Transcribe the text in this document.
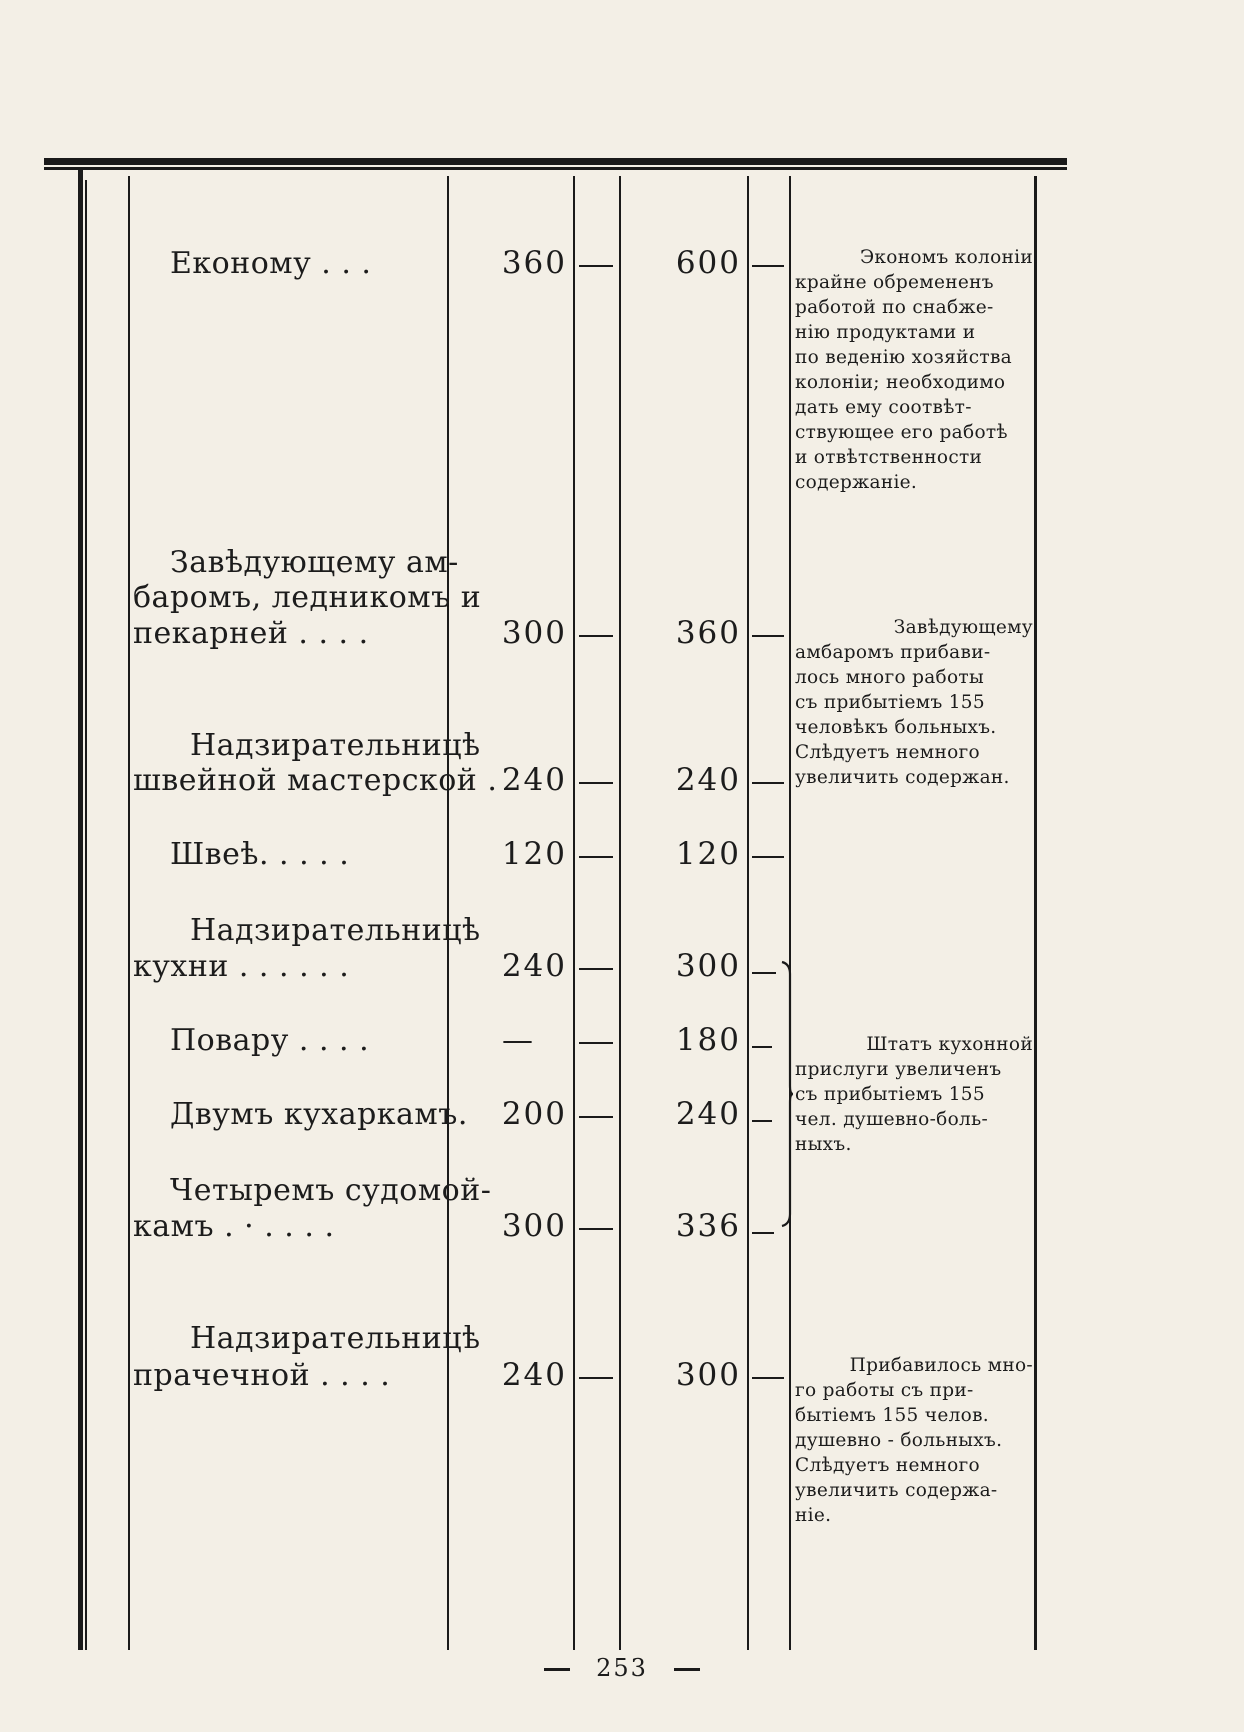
Економу . . .	360	600
Завѣдующему ам-
баромъ, ледникомъ и
пекарней . . . .	300	360
Надзирательницѣ
швейной мастерской . 240	240
Швеѣ. . . . .	120	120
Надзирательницѣ
кухни . . . . . .	240	300
Повару . . . .	—	180
Двумъ кухаркамъ.	200	240
Четыремъ судомой-
камъ . · . . . .	300	336
Надзирательницѣ
прачечной . . . .	240	300
Экономъ колоніи
крайне обремененъ
работой по снабже-
нію продуктами и
по веденію хозяйства
колоніи; необходимо
дать ему соотвѣт-
ствующее его работѣ
и отвѣтственности
содержаніе.
Завѣдующему
амбаромъ прибави-
лось много работы
съ прибытіемъ 155
человѣкъ больныхъ.
Слѣдуетъ немного
увеличить содержан.
Штатъ кухонной
прислуги увеличенъ
съ прибытіемъ 155
чел. душевно-боль-
ныхъ.
Прибавилось мно-
го работы съ при-
бытіемъ 155 челов.
душевно - больныхъ.
Слѣдуетъ немного
увеличить содержа-
ніе.
253
